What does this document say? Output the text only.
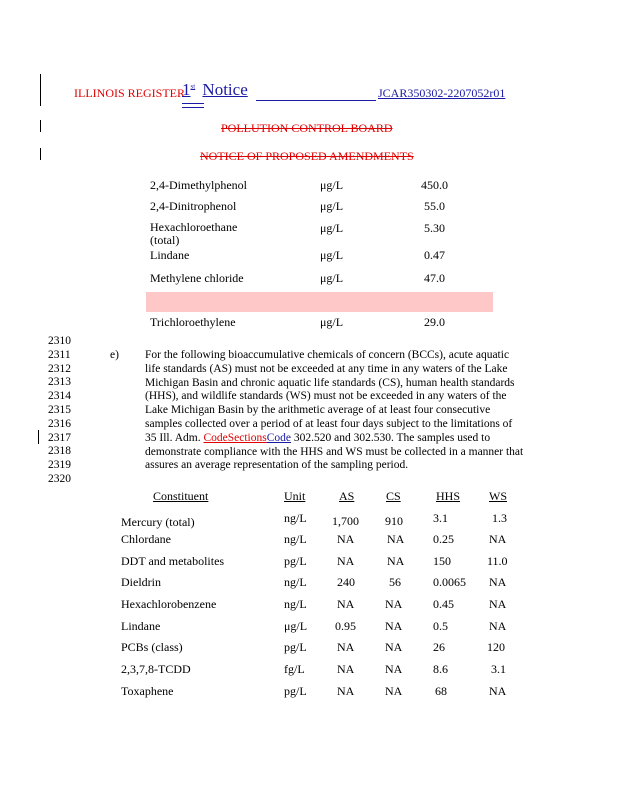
ILLINOIS REGISTER
1st Notice	JCAR350302-2207052r01
POLLUTION CONTROL BOARD
NOTICE OF PROPOSED AMENDMENTS
2,4-Dimethylphenol	μg/L	450.0
2,4-Dinitrophenol	μg/L	55.0
Hexachloroethane (total)
μg/L	5.30
Lindane	μg/L	0.47
Methylene chloride	μg/L	47.0
Trichloroethylene	μg/L	29.0
2310
2311
2312
2313
2314
2315
2316
2317
2318
2319
2320
e) For the following bioaccumulative chemicals of concern (BCCs), acute aquatic
life standards (AS) must not be exceeded at any time in any waters of the Lake
Michigan Basin and chronic aquatic life standards (CS), human health standards
(HHS), and wildlife standards (WS) must not be exceeded in any waters of the
Lake Michigan Basin by the arithmetic average of at least four consecutive
samples collected over a period of at least four days subject to the limitations of
35 Ill. Adm. CodeSectionsCode 302.520 and 302.530. The samples used to
demonstrate compliance with the HHS and WS must be collected in a manner that
assures an average representation of the sampling period.
Constituent	Unit	AS	CS	HHS WS
Mercury (total)	ng/L 1,700 910	3.1	1.3
Chlordane	ng/L	NA	NA 0.25	NA
DDT and metabolites	pg/L	NA	NA 150	11.0
Dieldrin	ng/L	240	56	0.0065 NA
Hexachlorobenzene	ng/L	NA	NA	0.45	NA
Lindane	μg/L 0.95 NA	0.5	NA
PCBs (class)	pg/L	NA	NA	26	120
2,3,7,8-TCDD	fg/L	NA	NA	8.6	3.1
Toxaphene	pg/L	NA	NA	68	NA
